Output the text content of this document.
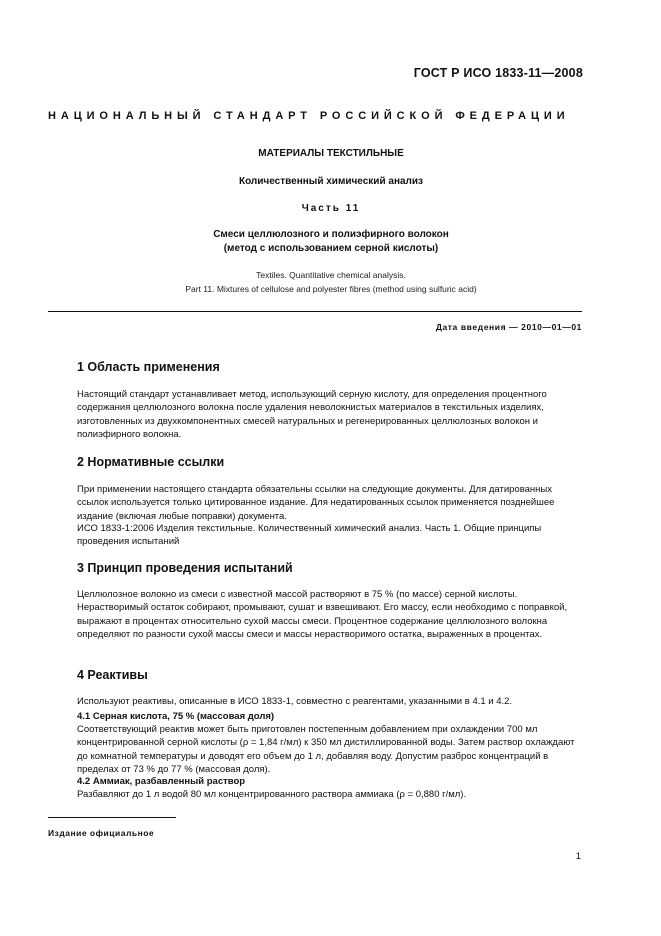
ГОСТ Р ИСО 1833-11—2008
НАЦИОНАЛЬНЫЙ СТАНДАРТ РОССИЙСКОЙ ФЕДЕРАЦИИ
МАТЕРИАЛЫ ТЕКСТИЛЬНЫЕ
Количественный химический анализ
Часть 11
Смеси целлюлозного и полиэфирного волокон
(метод с использованием серной кислоты)
Textiles. Quantitative chemical analysis.
Part 11. Mixtures of cellulose and polyester fibres (method using sulfuric acid)
Дата введения — 2010—01—01
1 Область применения

Настоящий стандарт устанавливает метод, использующий серную кислоту, для определения процентного содержания целлюлозного волокна после удаления неволокнистых материалов в текстильных изделиях, изготовленных из двухкомпонентных смесей натуральных и регенерированных целлюлозных волокон и полиэфирного волокна.

2 Нормативные ссылки

При применении настоящего стандарта обязательны ссылки на следующие документы. Для датированных ссылок используется только цитированное издание. Для недатированных ссылок применяется позднейшее издание (включая любые поправки) документа.

ИСО 1833-1:2006 Изделия текстильные. Количественный химический анализ. Часть 1. Общие принципы проведения испытаний

3 Принцип проведения испытаний

Целлюлозное волокно из смеси с известной массой растворяют в 75 % (по массе) серной кислоты. Нерастворимый остаток собирают, промывают, сушат и взвешивают. Его массу, если необходимо с поправкой, выражают в процентах относительно сухой массы смеси. Процентное содержание целлюлозного волокна определяют по разности сухой массы смеси и массы нерастворимого остатка, выраженных в процентах.

4 Реактивы

Используют реактивы, описанные в ИСО 1833-1, совместно с реагентами, указанными в 4.1 и 4.2.

4.1 Серная кислота, 75 % (массовая доля)

Соответствующий реактив может быть приготовлен постепенным добавлением при охлаждении 700 мл концентрированной серной кислоты (ρ = 1,84 г/мл) к 350 мл дистиллированной воды. Затем раствор охлаждают до комнатной температуры и доводят его объем до 1 л, добавляя воду. Допустим разброс концентраций в пределах от 73 % до 77 % (массовая доля).

4.2 Аммиак, разбавленный раствор

Разбавляют до 1 л водой 80 мл концентрированного раствора аммиака (ρ = 0,880 г/мл).

Издание официальное
1
